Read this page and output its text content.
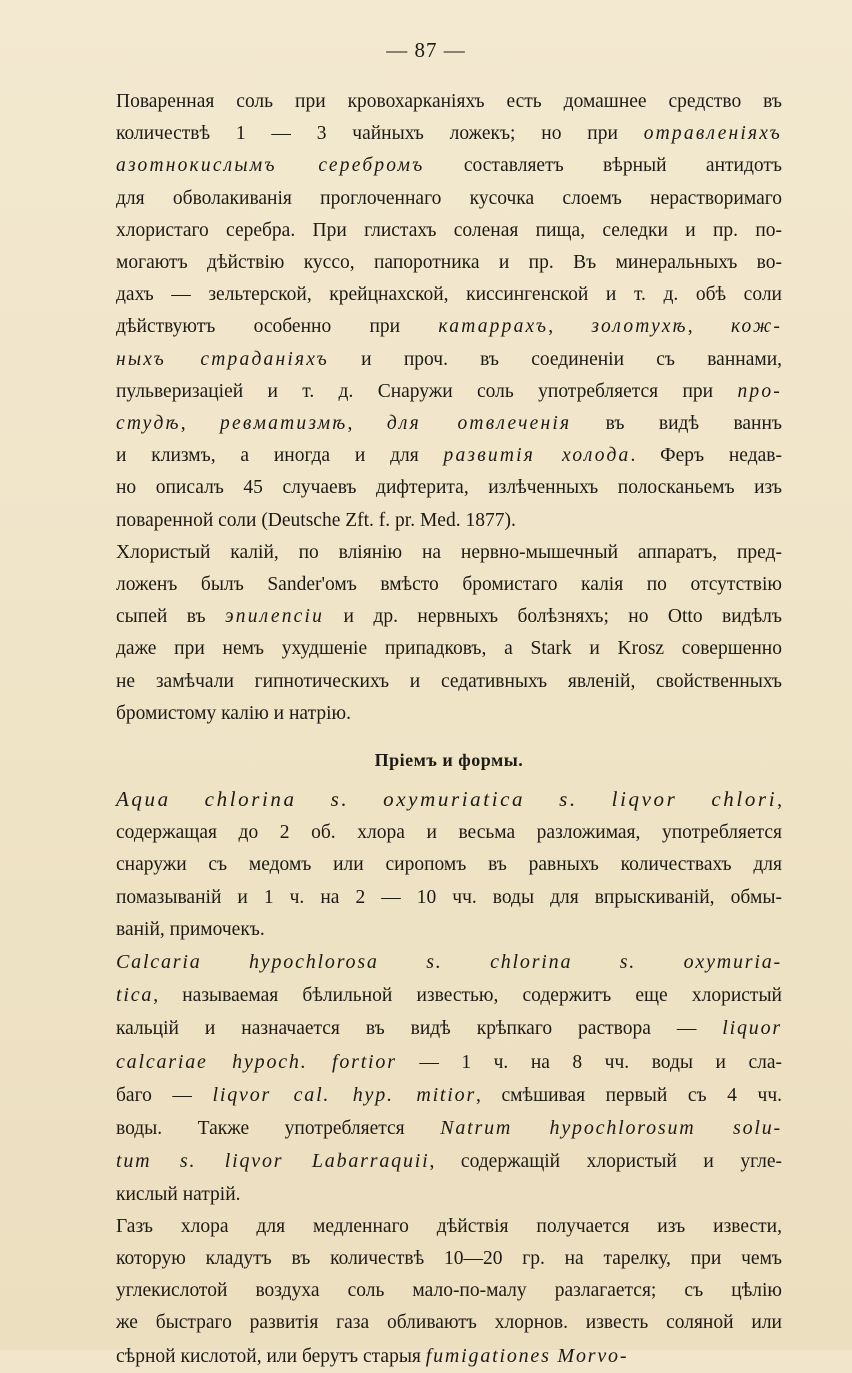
— 87 —
Поваренная соль при кровохарканіяхъ есть домашнее средство въ
количествѣ 1 — 3 чайныхъ ложекъ; но при отравленіяхъ
азотнокислымъ серебромъ составляетъ вѣрный антидотъ
для обволакиванія проглоченнаго кусочка слоемъ нерастворимаго
хлористаго серебра. При глистахъ соленая пища, селедки и пр. по-
могаютъ дѣйствію куссо, папоротника и пр. Въ минеральныхъ во-
дахъ — зельтерской, крейцнахской, киссингенской и т. д. обѣ соли
дѣйствуютъ особенно при катаррахъ, золотухѣ, кож-
ныхъ страданіяхъ и проч. въ соединеніи съ ваннами,
пульверизаціей и т. д. Снаружи соль употребляется при про-
студѣ, ревматизмѣ, для отвлеченія въ видѣ ваннъ
и клизмъ, а иногда и для развитія холода. Феръ недав-
но описалъ 45 случаевъ дифтерита, излѣченныхъ полосканьемъ изъ
поваренной соли (Deutsche Zft. f. pr. Med. 1877).
Хлористый калій, по вліянію на нервно-мышечный аппаратъ, пред-
ложенъ былъ Sander'омъ вмѣсто бромистаго калія по отсутствію
сыпей въ эпилепсіи и др. нервныхъ болѣзняхъ; но Otto видѣлъ
даже при немъ ухудшеніе припадковъ, а Stark и Krosz совершенно
не замѣчали гипнотическихъ и седативныхъ явленій, свойственныхъ
бромистому калію и натрію.
Пріемъ и формы.
Aqua chlorina s. oxymuriatica s. liqvor chlori,
содержащая до 2 об. хлора и весьма разложимая, употребляется
снаружи съ медомъ или сиропомъ въ равныхъ количествахъ для
помазываній и 1 ч. на 2 — 10 чч. воды для впрыскиваній, обмы-
ваній, примочекъ.
Calcaria hypochlorosa s. chlorina s. oxymuria-
tica, называемая бѣлильной известью, содержитъ еще хлористый
кальцій и назначается въ видѣ крѣпкаго раствора — liquor
calcariae hypoch. fortior — 1 ч. на 8 чч. воды и сла-
баго — liqvor cal. hyp. mitior, смѣшивая первый съ 4 чч.
воды. Также употребляется Natrum hypochlorosum solu-
tum s. liqvor Labarraquii, содержащій хлористый и угле-
кислый натрій.
Газъ хлора для медленнаго дѣйствія получается изъ извести,
которую кладутъ въ количествѣ 10—20 гр. на тарелку, при чемъ
углекислотой воздуха соль мало-по-малу разлагается; съ цѣлію
же быстраго развитія газа обливаютъ хлорнов. известь соляной или
сѣрной кислотой, или берутъ старыя fumigationes Morvo-
